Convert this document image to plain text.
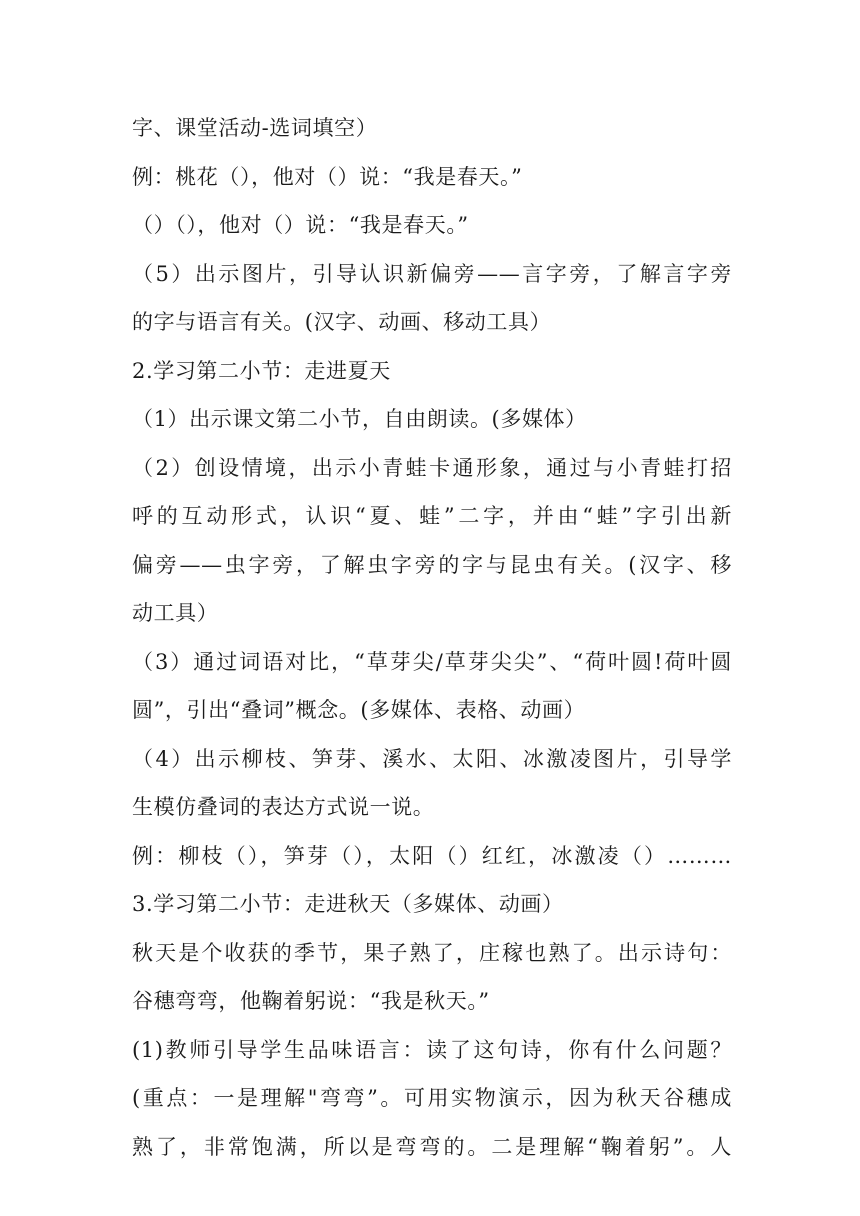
字、课堂活动-选词填空）
例：桃花（），他对（）说：“我是春天。”
（）（），他对（）说：“我是春天。”
（5）出示图片，引导认识新偏旁——言字旁，了解言字旁
的字与语言有关。(汉字、动画、移动工具）
2.学习第二小节：走进夏天
（1）出示课文第二小节，自由朗读。(多媒体）
（2）创设情境，出示小青蛙卡通形象，通过与小青蛙打招
呼的互动形式，认识“夏、蛙”二字，并由“蛙”字引出新
偏旁——虫字旁，了解虫字旁的字与昆虫有关。(汉字、移
动工具）
（3）通过词语对比，“草芽尖/草芽尖尖”、“荷叶圆!荷叶圆
圆”，引出“叠词”概念。(多媒体、表格、动画）
（4）出示柳枝、笋芽、溪水、太阳、冰激凌图片，引导学
生模仿叠词的表达方式说一说。
例：柳枝（），笋芽（），太阳（）红红，冰激凌（）………
3.学习第二小节：走进秋天（多媒体、动画）
秋天是个收获的季节，果子熟了，庄稼也熟了。出示诗句：
谷穗弯弯，他鞠着躬说：“我是秋天。”
(1)教师引导学生品味语言：读了这句诗，你有什么问题？
(重点：一是理解"弯弯”。可用实物演示，因为秋天谷穗成
熟了，非常饱满，所以是弯弯的。二是理解“鞠着躬”。人
